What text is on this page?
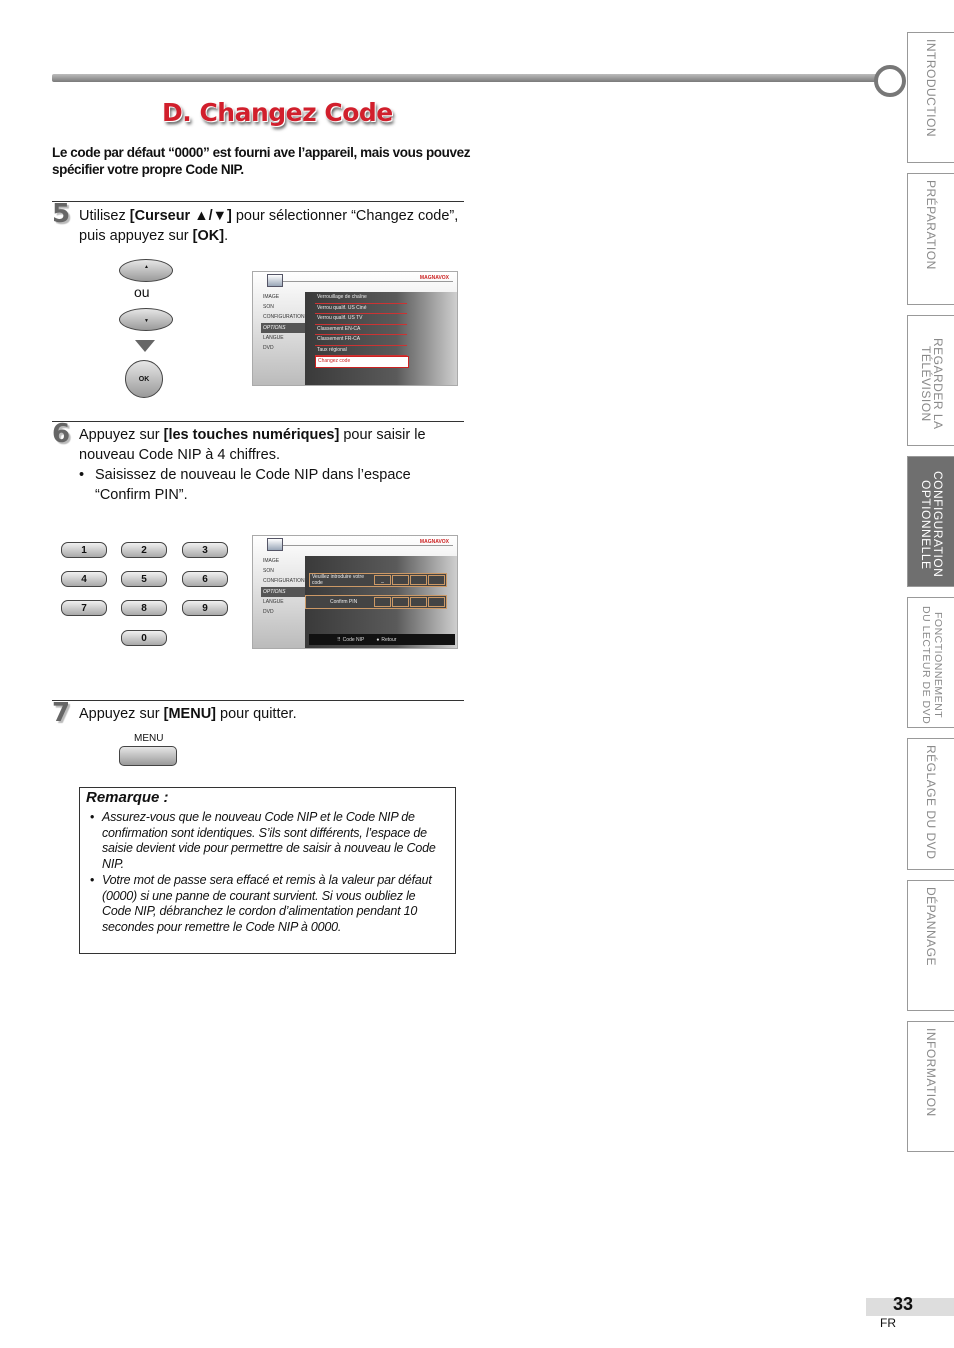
D. Changez Code
Le code par défaut “0000” est fourni ave l’appareil, mais vous pouvez spécifier votre propre Code NIP.
5 Utilisez [Curseur ▲/▼] pour sélectionner “Changez code”, puis appuyez sur [OK].
▲
ou
▼
OK
MAGNAVOX
IMAGE
SON
CONFIGURATION
OPTIONS
LANGUE
DVD
Verrouillage de chaîne
Verrou qualif. US Ciné
Verrou qualif. US TV
Classement EN-CA
Classement FR-CA
Taux régional
Changez code
6 Appuyez sur [les touches numériques] pour saisir le nouveau Code NIP à 4 chiffres.
• Saisissez de nouveau le Code NIP dans l’espace “Confirm PIN”.
1	2	3
4	5	6
7	8	9
0
MAGNAVOX
IMAGE
SON
CONFIGURATION
OPTIONS
LANGUE
DVD
Veuillez introduire votre code	_
Confirm PIN
⠿ Code NIP ● Retour
7 Appuyez sur [MENU] pour quitter.
MENU
Remarque :
• Assurez-vous que le nouveau Code NIP et le Code NIP de confirmation sont identiques. S’ils sont différents, l’espace de saisie devient vide pour permettre de saisir à nouveau le Code NIP.
• Votre mot de passe sera effacé et remis à la valeur par défaut (0000) si une panne de courant survient. Si vous oubliez le Code NIP, débranchez le cordon d’alimentation pendant 10 secondes pour remettre le Code NIP à 0000.
INTRODUCTION
PRÉPARATION
REGARDER LA TÉLÉVISION
CONFIGURATION OPTIONNELLE
FONCTIONNEMENT DU LECTEUR DE DVD
RÉGLAGE DU DVD
DÉPANNAGE
INFORMATION
33
FR
